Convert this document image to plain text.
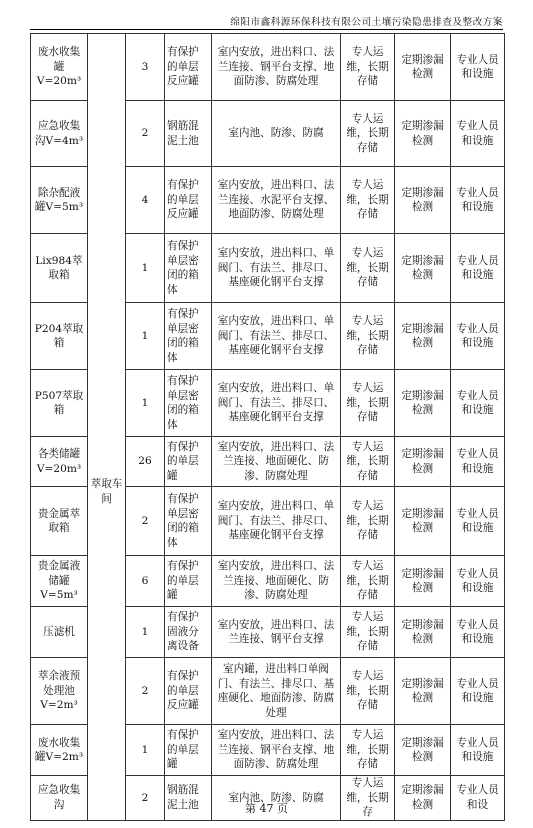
绵阳市鑫科源环保科技有限公司土壤污染隐患排查及整改方案
废水收集罐V=20m³	萃取车间	3	有保护的单层反应罐	室内安放，进出料口、法兰连接、钢平台支撑、地面防渗、防腐处理	专人运维，长期存储	定期渗漏检测	专业人员和设施
应急收集沟V=4m³		2	钢筋混泥土池	室内池、防渗、防腐	专人运维，长期存储	定期渗漏检测	专业人员和设施
除杂配液罐V=5m³		4	有保护的单层反应罐	室内安放，进出料口、法兰连接、水泥平台支撑、地面防渗、防腐处理	专人运维，长期存储	定期渗漏检测	专业人员和设施
Lix984萃取箱		1	有保护单层密闭的箱体	室内安放，进出料口、单阀门、有法兰、排尽口、基座硬化钢平台支撑	专人运维，长期存储	定期渗漏检测	专业人员和设施
P204萃取箱		1	有保护单层密闭的箱体	室内安放，进出料口、单阀门、有法兰、排尽口、基座硬化钢平台支撑	专人运维，长期存储	定期渗漏检测	专业人员和设施
P507萃取箱		1	有保护单层密闭的箱体	室内安放，进出料口、单阀门、有法兰、排尽口、基座硬化钢平台支撑	专人运维，长期存储	定期渗漏检测	专业人员和设施
各类储罐V=20m³		26	有保护的单层罐	室内安放，进出料口、法兰连接、地面硬化、防渗、防腐处理	专人运维，长期存储	定期渗漏检测	专业人员和设施
贵金属萃取箱		2	有保护单层密闭的箱体	室内安放，进出料口、单阀门、有法兰、排尽口、基座硬化钢平台支撑	专人运维，长期存储	定期渗漏检测	专业人员和设施
贵金属液储罐V=5m³		6	有保护的单层罐	室内安放，进出料口、法兰连接、地面硬化、防渗、防腐处理	专人运维，长期存储	定期渗漏检测	专业人员和设施
压滤机		1	有保护固液分离设备	室内安放，进出料口、法兰连接、钢平台支撑	专人运维，长期存储	定期渗漏检测	专业人员和设施
萃余液预处理池V=2m³		2	有保护的单层反应罐	室内罐，进出料口单阀门、有法兰、排尽口、基座硬化、地面防渗、防腐处理	专人运维，长期存储	定期渗漏检测	专业人员和设施
废水收集罐V=2m³		1	有保护的单层罐	室内安放，进出料口、法兰连接、钢平台支撑、地面防渗、防腐处理	专人运维，长期存储	定期渗漏检测	专业人员和设施
应急收集沟		2	钢筋混泥土池	室内池、防渗、防腐	专人运维，长期存	定期渗漏检测	专业人员和设
第 47 页
